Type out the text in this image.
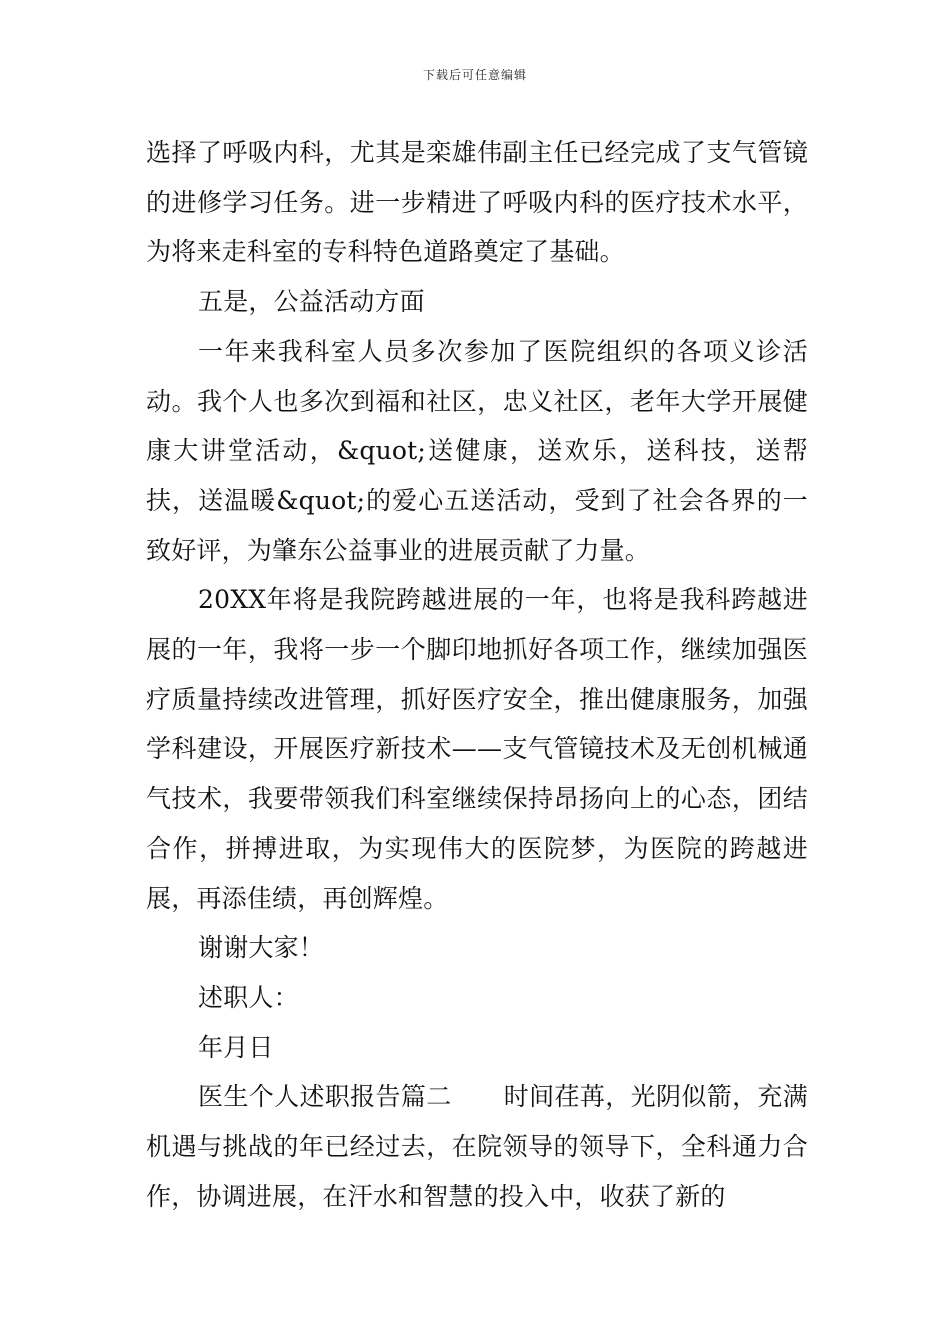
下载后可任意编辑

选择了呼吸内科，尤其是栾雄伟副主任已经完成了支气管镜的进修学习任务。进一步精进了呼吸内科的医疗技术水平，为将来走科室的专科特色道路奠定了基础。

五是，公益活动方面

一年来我科室人员多次参加了医院组织的各项义诊活动。我个人也多次到福和社区，忠义社区，老年大学开展健康大讲堂活动，&quot;送健康，送欢乐，送科技，送帮扶，送温暖&quot;的爱心五送活动，受到了社会各界的一致好评，为肇东公益事业的进展贡献了力量。

20XX年将是我院跨越进展的一年，也将是我科跨越进展的一年，我将一步一个脚印地抓好各项工作，继续加强医疗质量持续改进管理，抓好医疗安全，推出健康服务，加强学科建设，开展医疗新技术——支气管镜技术及无创机械通气技术，我要带领我们科室继续保持昂扬向上的心态，团结合作，拼搏进取，为实现伟大的医院梦，为医院的跨越进展，再添佳绩，再创辉煌。

谢谢大家！

述职人：

年月日

医生个人述职报告篇二 时间荏苒，光阴似箭，充满机遇与挑战的年已经过去，在院领导的领导下，全科通力合作，协调进展，在汗水和智慧的投入中，收获了新的
